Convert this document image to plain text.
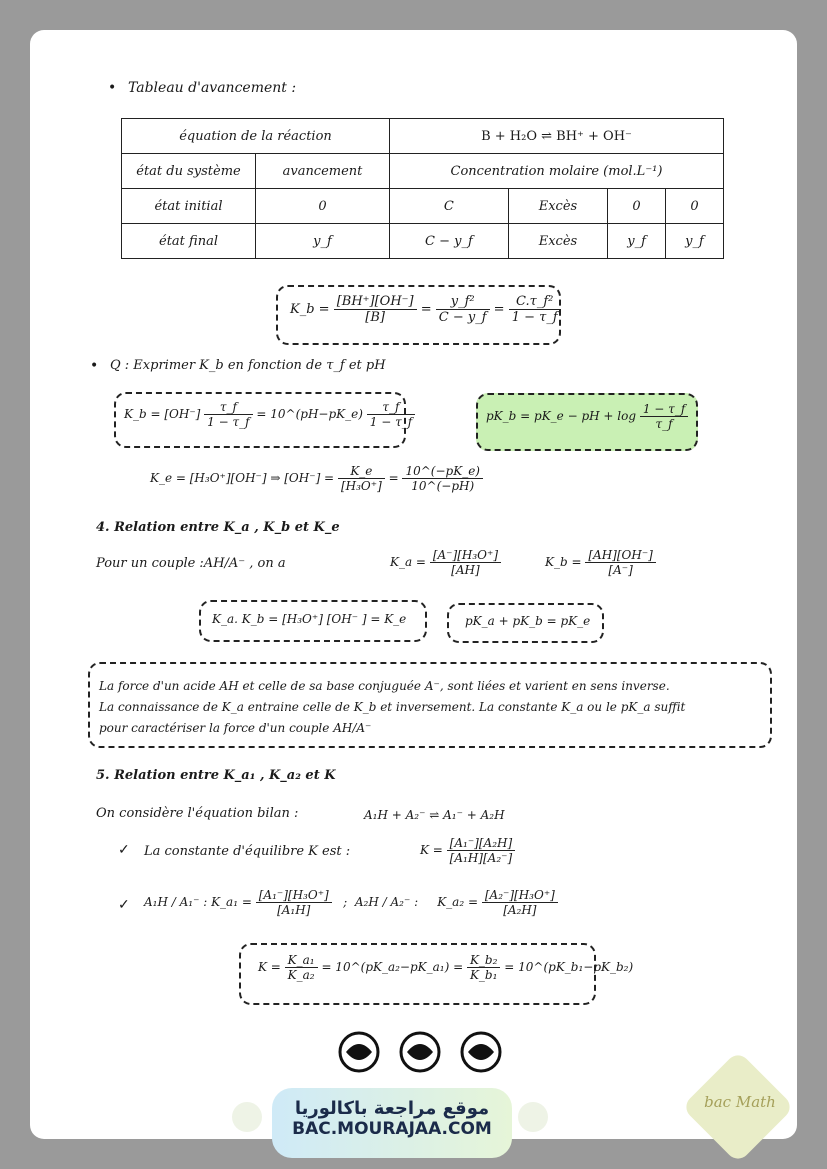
• Tableau d'avancement :
équation de la réaction		B + H₂O ⇌ BH⁺ + OH⁻			
état du système	avancement	Concentration molaire (mol.L⁻¹)			
état initial	0	C	Excès	0	0
état final	y_f	C − y_f	Excès	y_f	y_f
K_b = $\frac{[BH^+][OH^-]}{[B]} = \frac{\text{y\_f²}}{C - y\_f} = \frac{\text{C.τ\_f²}}{1 - \tau\_f}$
• Q : Exprimer K_b en fonction de τ_f et pH
K_b = $[OH^-] \frac{\tau\_f}{1 - \tau\_f}$ = 10^(pH−pK_e) $\frac{\tau\_f}{1 - \tau\_f}$	pK_b = pK_e − pH + $\log \frac{1 - \tau\_f}{\tau\_f}$
K_e = [H₃O⁺][OH⁻] ⇒ $[OH^-] = \frac{K\_e}{\text{[H₃O⁺]}} = \frac{10\^{}(-pK\_e)}{10\^{}(-pH)}$
4. Relation entre K_a , K_b et K_e
Pour un couple :AH/A⁻ , on a	K_a = $\frac{\text{[A⁻][H₃O⁺]}}{[AH]}$	K_b = $\frac{[AH][OH^-]}{[A^-]}$
K_a. K_b = [H₃O⁺] [OH⁻ ] = K_e	pK_a + pK_b = pK_e
La force d'un acide AH et celle de sa base conjuguée A⁻, sont liées et varient en sens inverse.
La connaissance de K_a entraine celle de K_b et inversement. La constante K_a ou le pK_a suffit
pour caractériser la force d'un couple AH/A⁻
5. Relation entre K_a₁ , K_a₂ et K
On considère l'équation bilan :	A₁H + A₂⁻ ⇌ A₁⁻ + A₂H
✓ La constante d'équilibre K est :	$K = \frac{\text{[A₁⁻][A₂H]}}{\text{[A₁H][A₂⁻]}}$
✓ A₁H / A₁⁻ : K_a₁ = $\frac{\text{[A₁⁻][H₃O⁺]}}{\text{[A₁H]}}$ ; A₂H / A₂⁻ : K_a₂ = $\frac{\text{[A₂⁻][H₃O⁺]}}{\text{[A₂H]}}$
$K = \frac{\text{K\_a₁}}{\text{K\_a₂}}$ = 10^(pK_a₂−pK_a₁) = $\frac{\text{K\_b₂}}{\text{K\_b₁}}$ = 10^(pK_b₁−pK_b₂)
موقع مراجعة باكالوريا
BAC.MOURAJAA.COM
bac Math
